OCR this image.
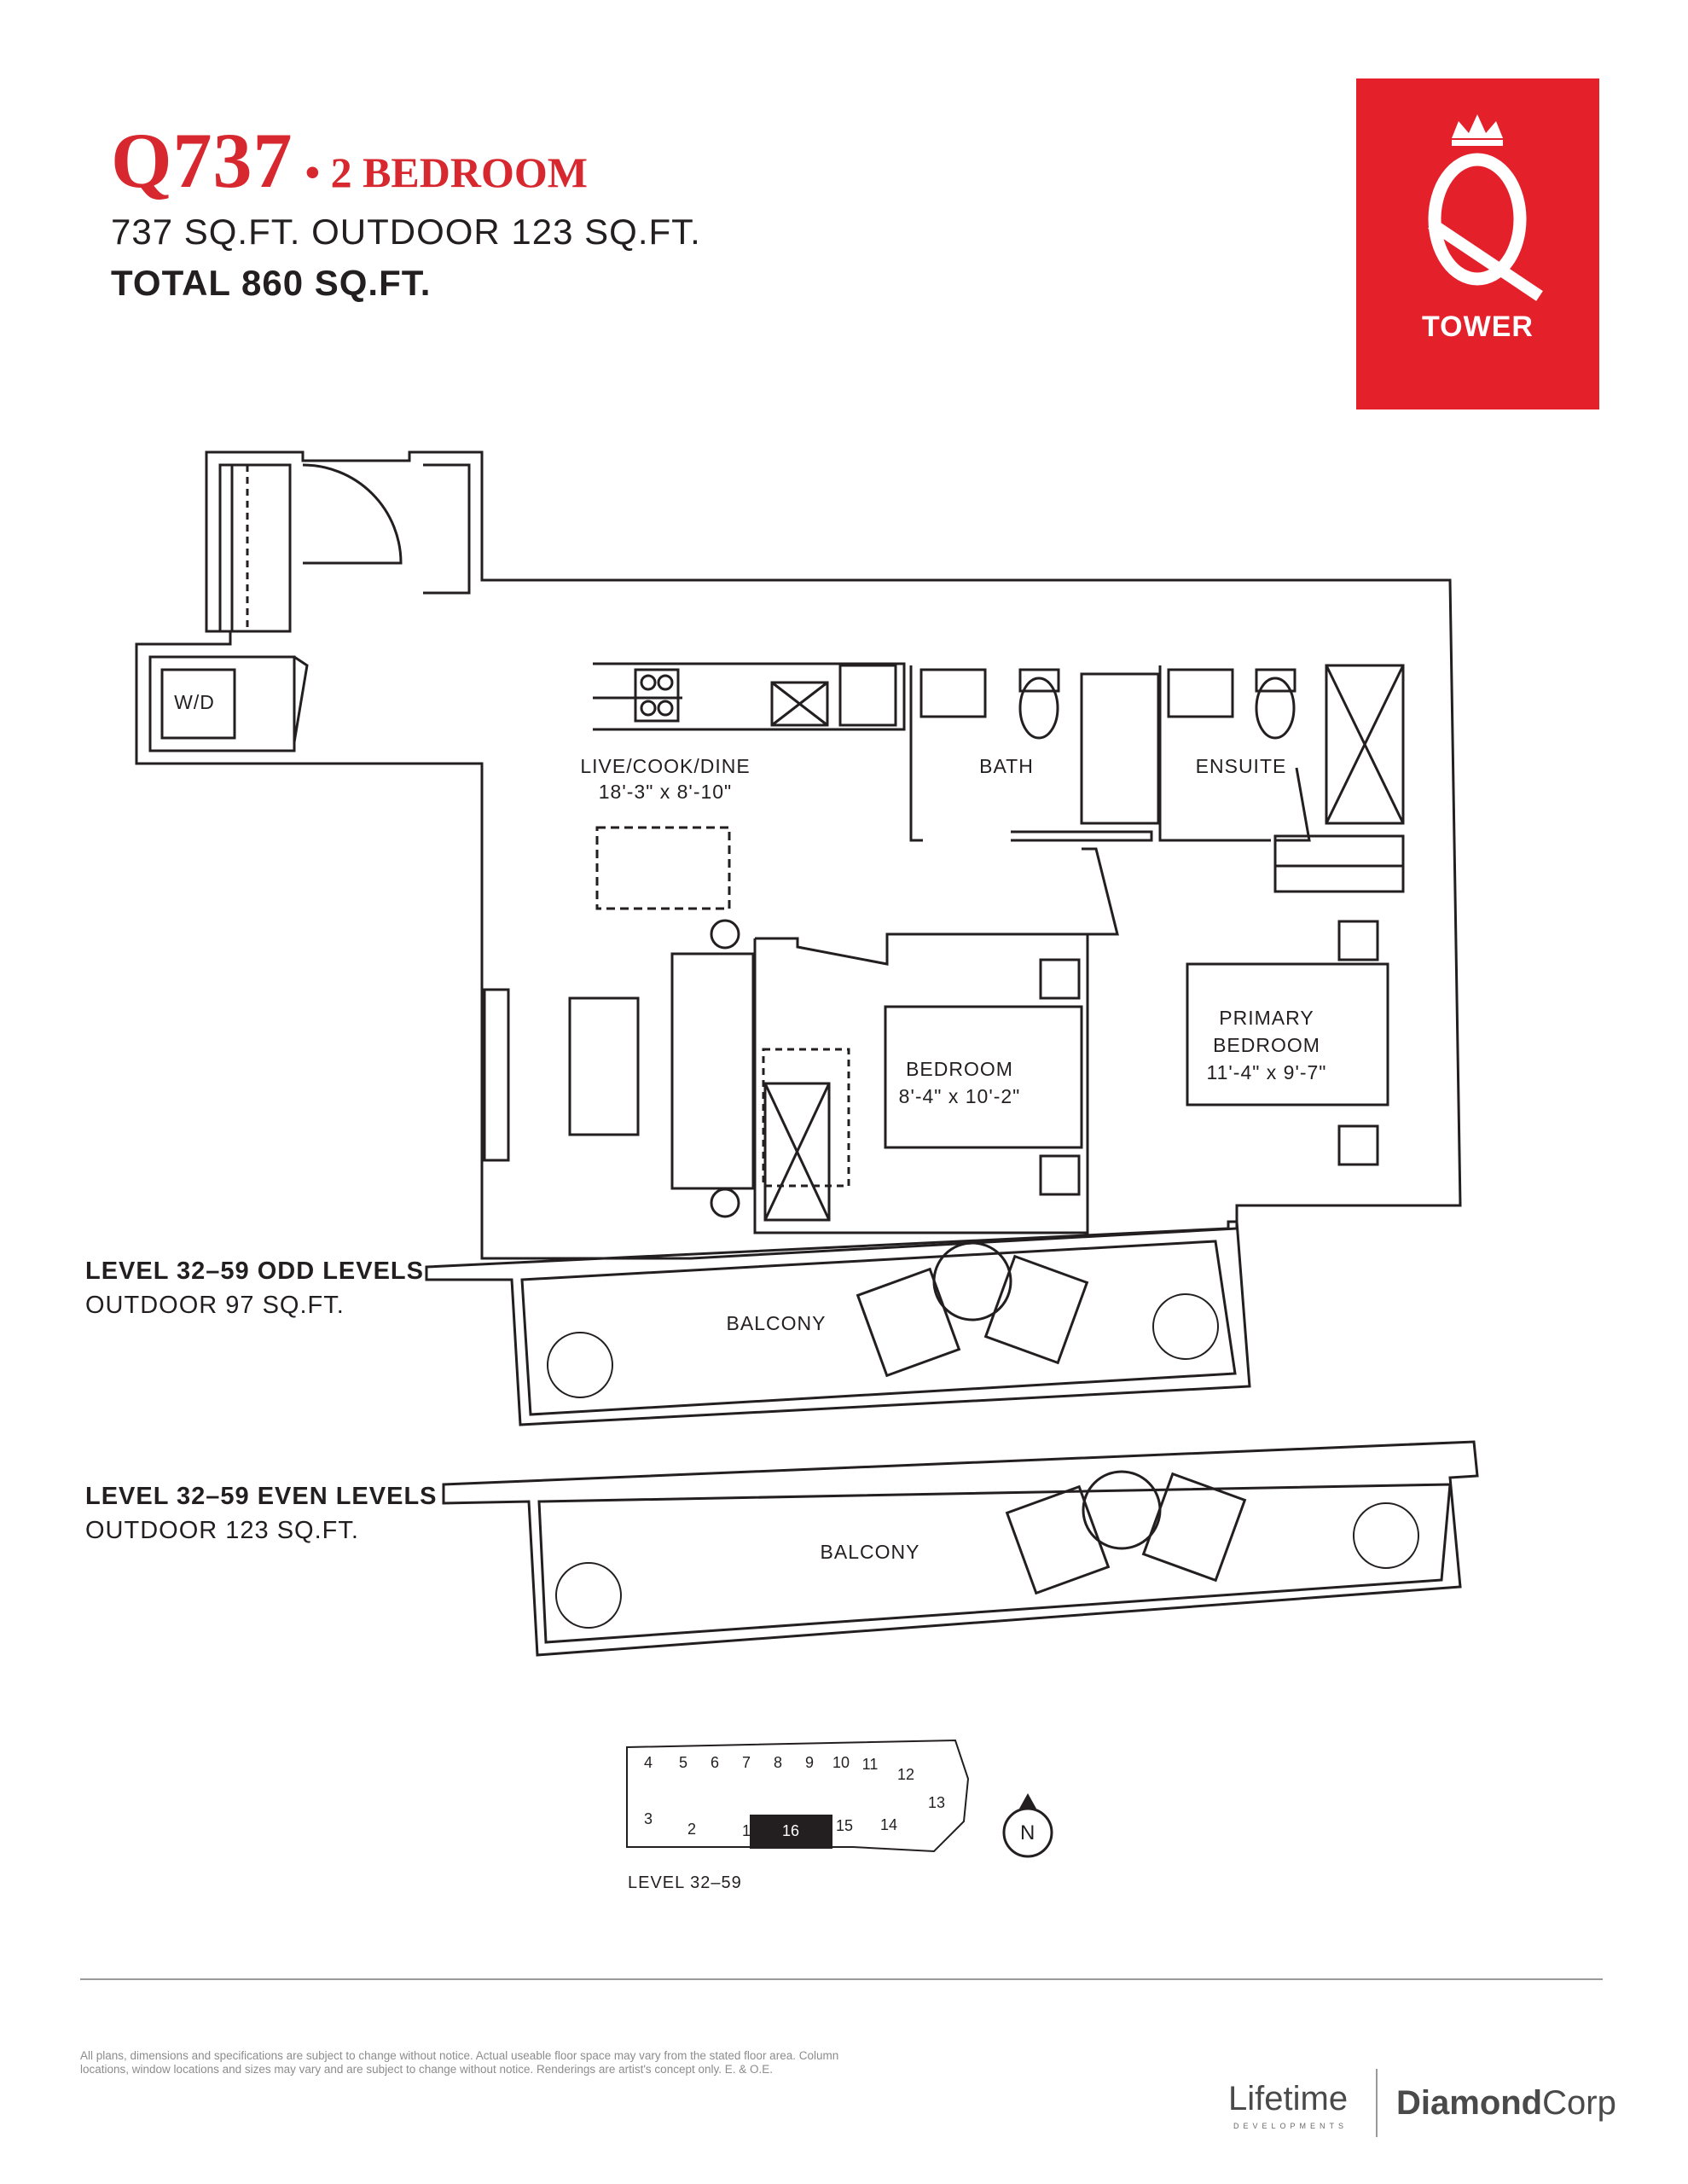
Q737 • 2 BEDROOM
737 SQ.FT. OUTDOOR 123 SQ.FT.
TOTAL 860 SQ.FT.
TOWER
W/D
LIVE/COOK/DINE
18'-3" x 8'-10"
BATH	ENSUITE
BEDROOM
8'-4" x 10'-2"
PRIMARY
BEDROOM
11'-4" x 9'-7"
BALCONY
BALCONY
LEVEL 32–59 ODD LEVELS
OUTDOOR 97 SQ.FT.
LEVEL 32–59 EVEN LEVELS
OUTDOOR 123 SQ.FT.
4	5	6	7	8	9	10 11
12
13
14
15
16
1
2
3
N
LEVEL 32–59
All plans, dimensions and specifications are subject to change without notice. Actual useable floor space may vary from the stated floor area. Column
locations, window locations and sizes may vary and are subject to change without notice. Renderings are artist's concept only. E. & O.E.
Lifetime
DEVELOPMENTS
DiamondCorp
